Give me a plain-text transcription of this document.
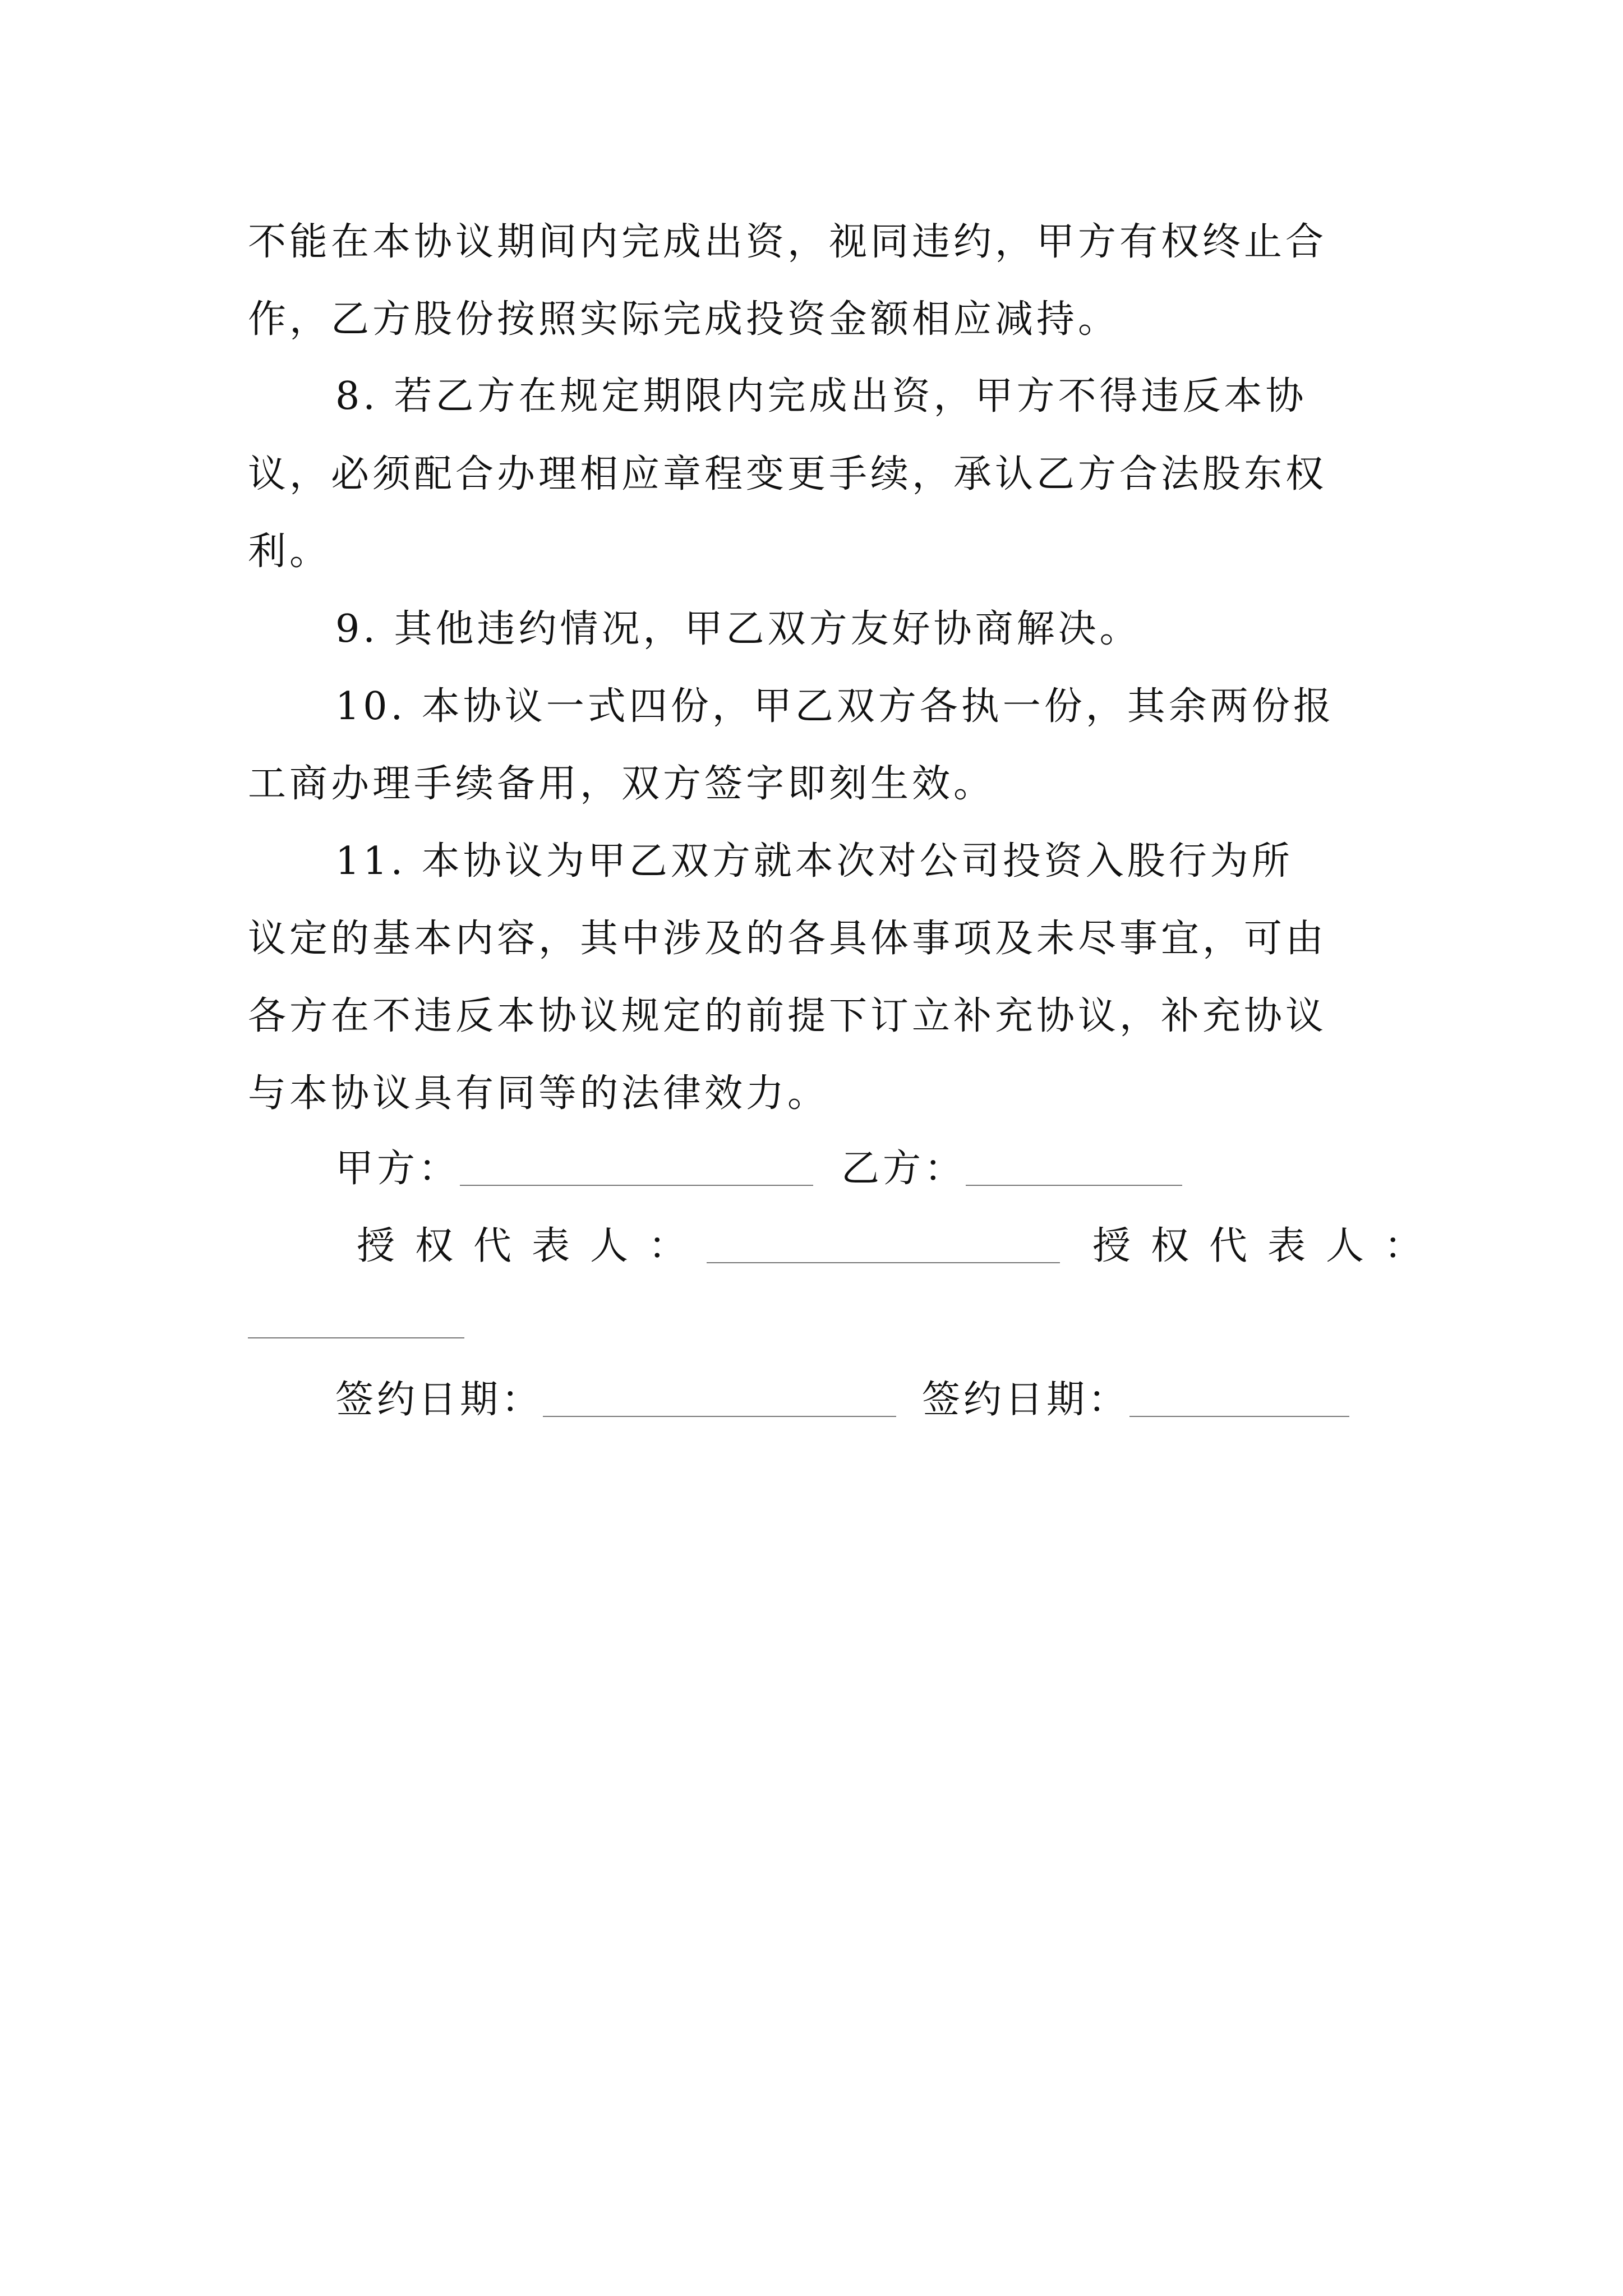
不能在本协议期间内完成出资，视同违约，甲方有权终止合

作，乙方股份按照实际完成投资金额相应减持。

8. 若乙方在规定期限内完成出资，甲方不得违反本协

议，必须配合办理相应章程变更手续，承认乙方合法股东权

利。

9. 其他违约情况，甲乙双方友好协商解决。

10. 本协议一式四份，甲乙双方各执一份，其余两份报

工商办理手续备用，双方签字即刻生效。

11. 本协议为甲乙双方就本次对公司投资入股行为所

议定的基本内容，其中涉及的各具体事项及未尽事宜，可由

各方在不违反本协议规定的前提下订立补充协议，补充协议

与本协议具有同等的法律效力。

甲方：	乙方：
授权代表人：	授权代表人：
签约日期：	签约日期：
